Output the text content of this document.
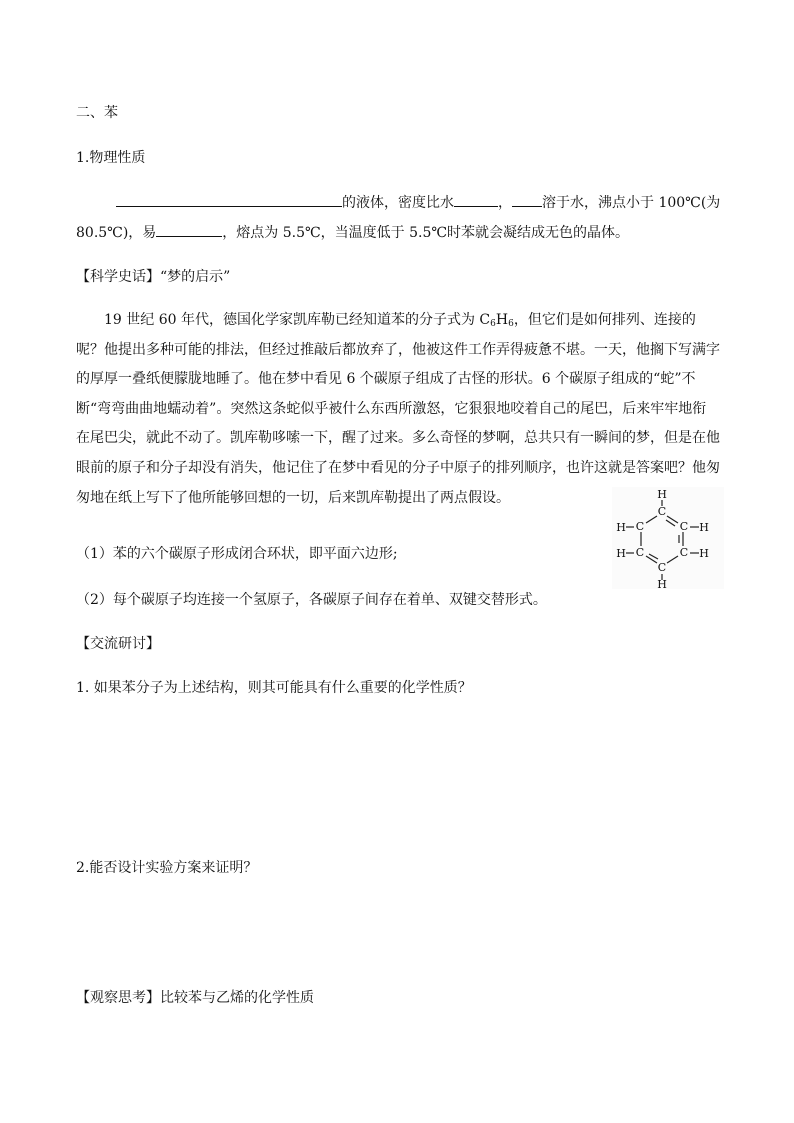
二、苯
1.物理性质
的液体，密度比水	， 溶于水，沸点小于 100℃(为
80.5℃)，易	，熔点为 5.5℃，当温度低于 5.5℃时苯就会凝结成无色的晶体。
【科学史话】“梦的启示”
19 世纪 60 年代，德国化学家凯库勒已经知道苯的分子式为 $C_6H_6$，但它们是如何排列、连接的呢？他提出多种可能的排法，但经过推敲后都放弃了，他被这件工作弄得疲惫不堪。一天，他搁下写满字的厚厚一叠纸便朦胧地睡了。他在梦中看见 6 个碳原子组成了古怪的形状。6 个碳原子组成的“蛇”不断“弯弯曲曲地蠕动着”。突然这条蛇似乎被什么东西所激怒，它狠狠地咬着自己的尾巴，后来牢牢地衔在尾巴尖，就此不动了。凯库勒哆嗦一下，醒了过来。多么奇怪的梦啊，总共只有一瞬间的梦，但是在他眼前的原子和分子却没有消失，他记住了在梦中看见的分子中原子的排列顺序，也许这就是答案吧？他匆匆地在纸上写下了他所能够回想的一切，后来凯库勒提出了两点假设。
C
C
C
C
C
C
H
H
H
H
H
H
（1）苯的六个碳原子形成闭合环状，即平面六边形;
（2）每个碳原子均连接一个氢原子，各碳原子间存在着单、双键交替形式。
【交流研讨】
1. 如果苯分子为上述结构，则其可能具有什么重要的化学性质？
2.能否设计实验方案来证明？
【观察思考】比较苯与乙烯的化学性质
